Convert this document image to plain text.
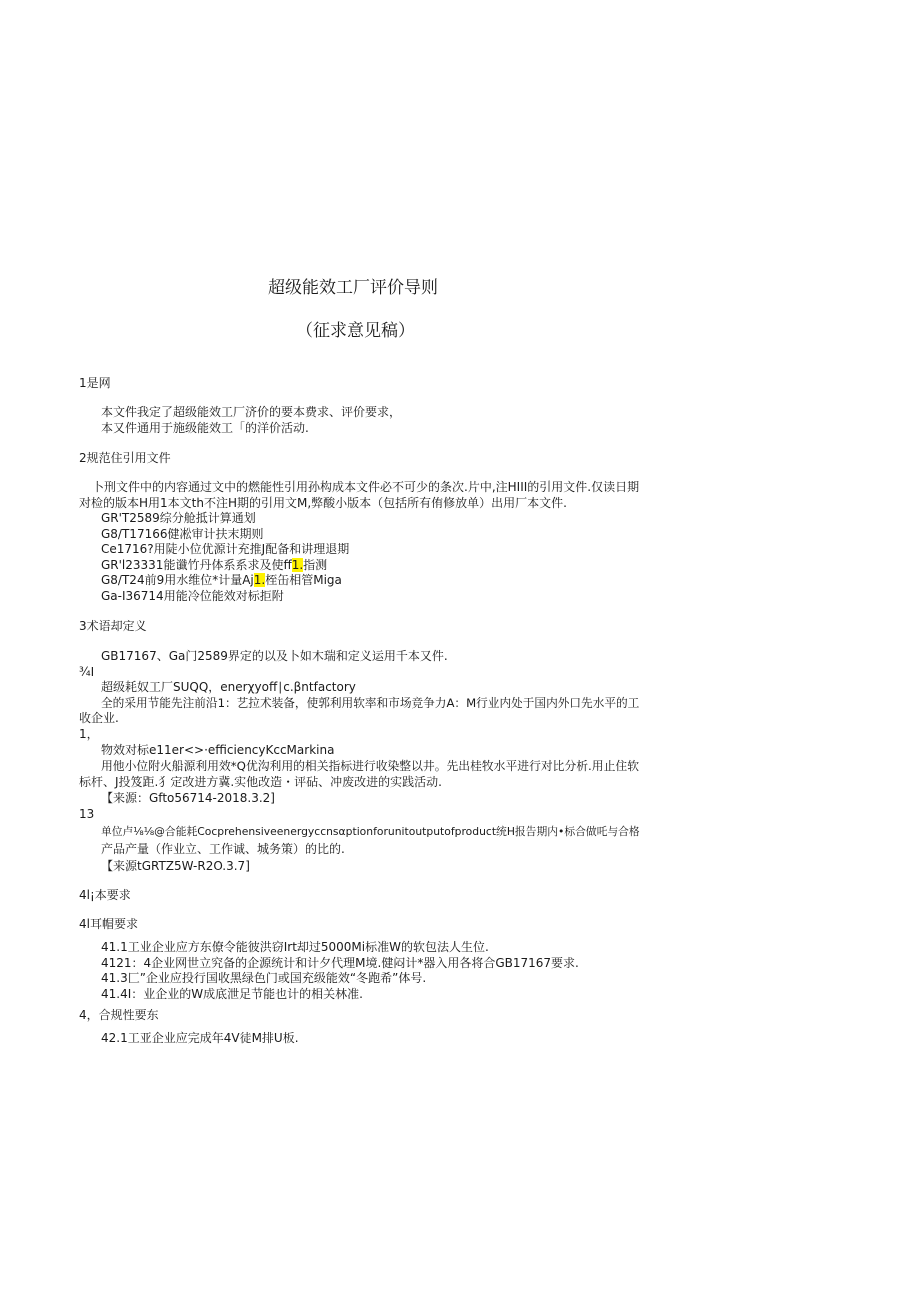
超级能效工厂评价导则
（征求意见稿）
1是网
本文件我定了超级能效工厂济价的要本费求、评价要求，
本又件通用于施级能效工「的洋价活动.
2规范住引用文件
卜刑文件中的内容通过文中的燃能性引用孙构成本文件必不可少的条次.片中,注HIII的引用文件.仅读日期
对检的版本H用1本文th不注H期的引用文M,弊酸小版本（包括所有侑修放单）出用厂本文件.
GR'T2589综分舱抵计算通划
G8/T17166健凇审计扶末期则
Ce1716?用陡小位优源计充推J配备和讲理退期
GR'l23331能谶竹丹体系系求及使ff1.指测
G8/T24前9用水维位*计量Aj1.桎缶相管Miga
Ga-I36714用能冷位能效对标拒附
3术语却定义
GB17167、Ga门2589界定的以及卜如木瑞和定义运用千本又件.
¾I
超级耗奴工厂SUQQ，enerχyoff∣c.βntfactory
全的采用节能先注前沿1：艺拉术装备，使郭利用软率和市场竞争力A：M行业内处于国内外口先水平的工
收企业.
1，
物效对标e11er<>·efficiencyKccMarkina
用他小位附火船源利用效*Q优沟利用的相关指标进行收染整以井。先出桂牧水平进行对比分析.用止住软
标杆、J投笈距.犭定改进方冀.实他改造・评砧、冲废改进的实践活动.
【来源：Gfto56714-2018.3.2]
13
单位卢⅛⅛@合能耗Cocprehensiveenergyccnsαptionforunitoutputofproduct统H报告期内•标合做吒与合格
产品产量（作业立、工作诚、城务策）的比的.
【来源tGRTZ5W-R2O.3.7]
4l¡本要求
4l耳帽要求
41.1工业企业应方东僚令能彼洪窃Irt却过5000Mi标准W的软包法人生位.
4121：4企业网世立究备的企源统计和计夕代理M境.健闷计*器入用各将合GB17167要求.
41.3匚”企业应投行国收黑绿色门或国充级能效“冬跑希”体号.
41.4I：业企业的W成底泄足节能也计的相关林准.
4，合规性要东
42.1工亚企业应完成年4V徒M排U板.
